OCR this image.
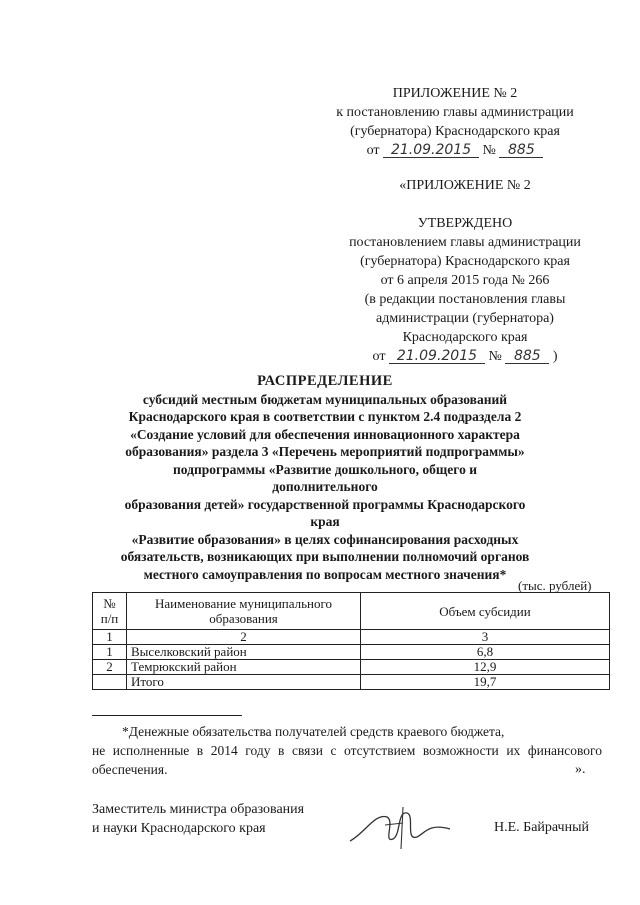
ПРИЛОЖЕНИЕ № 2
к постановлению главы администрации
(губернатора) Краснодарского края
от 21.09.2015 № 885
«ПРИЛОЖЕНИЕ № 2
УТВЕРЖДЕНО
постановлением главы администрации
(губернатора) Краснодарского края
от 6 апреля 2015 года № 266
(в редакции постановления главы
администрации (губернатора)
Краснодарского края
от 21.09.2015 № 885 )
РАСПРЕДЕЛЕНИЕ
субсидий местным бюджетам муниципальных образований
Краснодарского края в соответствии с пунктом 2.4 подраздела 2
«Создание условий для обеспечения инновационного характера
образования» раздела 3 «Перечень мероприятий подпрограммы»
подпрограммы «Развитие дошкольного, общего и дополнительного
образования детей» государственной программы Краснодарского края
«Развитие образования» в целях софинансирования расходных
обязательств, возникающих при выполнении полномочий органов
местного самоуправления по вопросам местного значения*
(тыс. рублей)
№ п/п	Наименование муниципального образования	Объем субсидии
1	2	3
1	Выселковский район	6,8
2	Темрюкский район	12,9
	Итого	19,7
*Денежные обязательства получателей средств краевого бюджета,
не исполненные в 2014 году в связи с отсутствием возможности их финансового обеспечения.	».
Заместитель министра образования
и науки Краснодарского края	Н.Е. Байрачный
